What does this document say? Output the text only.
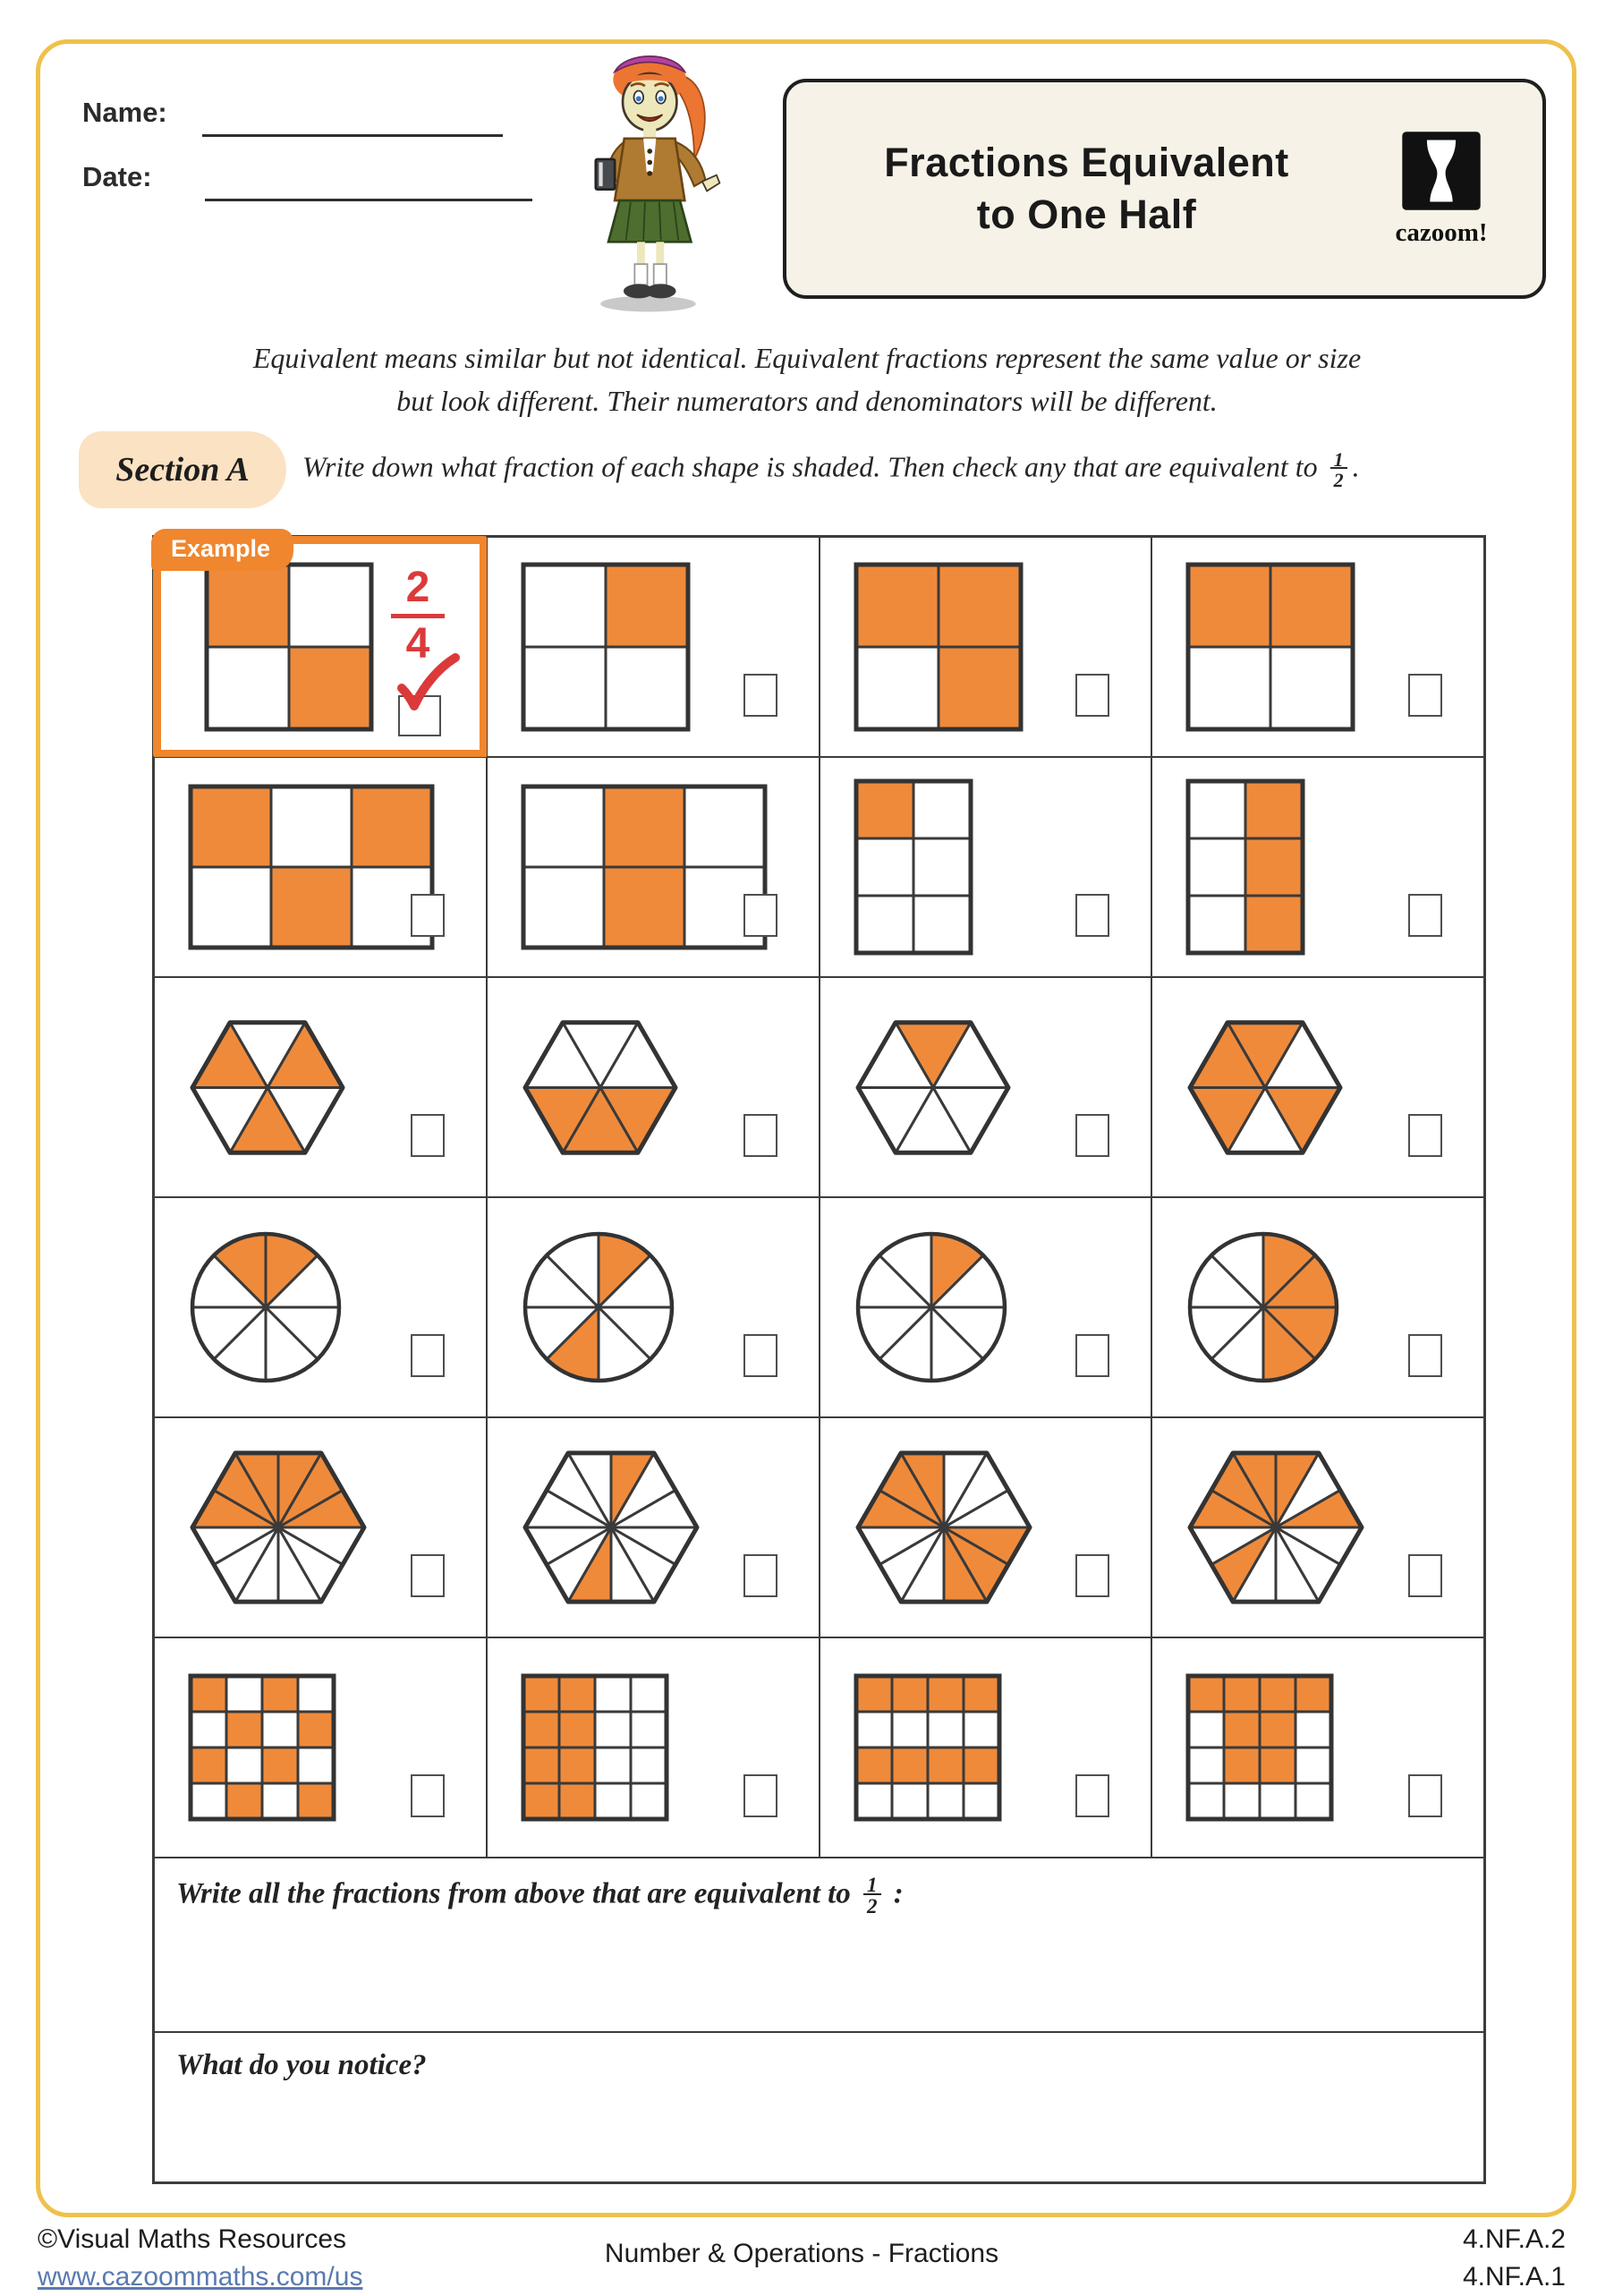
Name:
Date:	Fractions Equivalent
to One Half	cazoom!
Equivalent means similar but not identical. Equivalent fractions represent the same value or size
but look different. Their numerators and denominators will be different.
Section A Write down what fraction of each shape is shaded. Then check any that are equivalent to $\frac{1}{2}$ .
Example
2
4
Write all the fractions from above that are equivalent to $\frac{1}{2}$ :
What do you notice?
©Visual Maths Resources
www.cazoommaths.com/us
Number & Operations - Fractions	4.NF.A.2
4.NF.A.1
